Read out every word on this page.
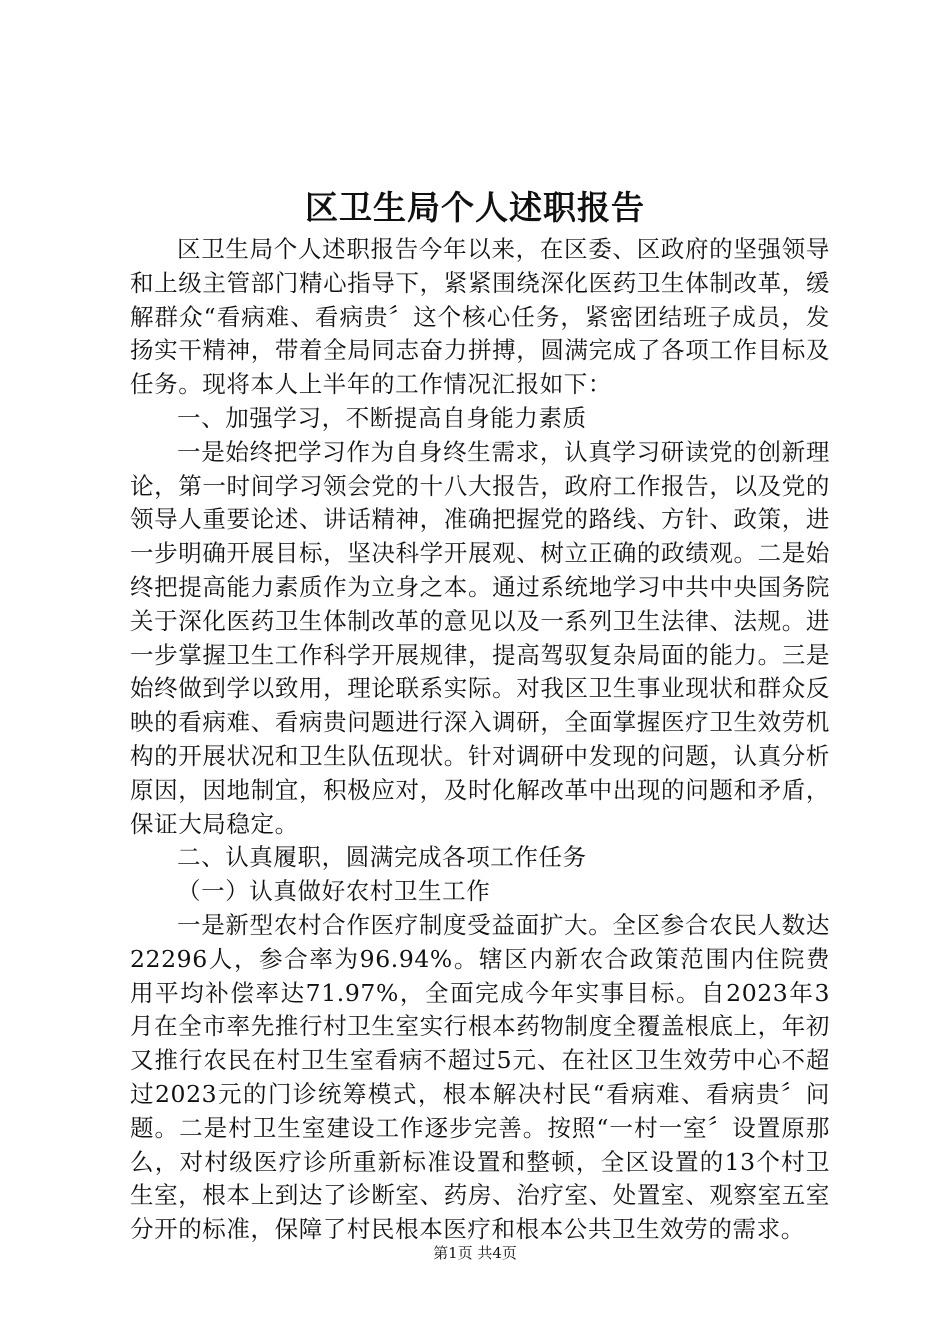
区卫生局个人述职报告

区卫生局个人述职报告今年以来，在区委、区政府的坚强领导和上级主管部门精心指导下，紧紧围绕深化医药卫生体制改革，缓解群众“看病难、看病贵〞这个核心任务，紧密团结班子成员，发扬实干精神，带着全局同志奋力拼搏，圆满完成了各项工作目标及任务。现将本人上半年的工作情况汇报如下：

一、加强学习，不断提高自身能力素质

一是始终把学习作为自身终生需求，认真学习研读党的创新理论，第一时间学习领会党的十八大报告，政府工作报告，以及党的领导人重要论述、讲话精神，准确把握党的路线、方针、政策，进一步明确开展目标，坚决科学开展观、树立正确的政绩观。二是始终把提高能力素质作为立身之本。通过系统地学习中共中央国务院关于深化医药卫生体制改革的意见以及一系列卫生法律、法规。进一步掌握卫生工作科学开展规律，提高驾驭复杂局面的能力。三是始终做到学以致用，理论联系实际。对我区卫生事业现状和群众反映的看病难、看病贵问题进行深入调研，全面掌握医疗卫生效劳机构的开展状况和卫生队伍现状。针对调研中发现的问题，认真分析原因，因地制宜，积极应对，及时化解改革中出现的问题和矛盾，保证大局稳定。

二、认真履职，圆满完成各项工作任务

（一）认真做好农村卫生工作

一是新型农村合作医疗制度受益面扩大。全区参合农民人数达22296人，参合率为96.94%。辖区内新农合政策范围内住院费用平均补偿率达71.97%，全面完成今年实事目标。自2023年3月在全市率先推行村卫生室实行根本药物制度全覆盖根底上，年初又推行农民在村卫生室看病不超过5元、在社区卫生效劳中心不超过2023元的门诊统筹模式，根本解决村民“看病难、看病贵〞问题。二是村卫生室建设工作逐步完善。按照“一村一室〞设置原那么，对村级医疗诊所重新标准设置和整顿，全区设置的13个村卫生室，根本上到达了诊断室、药房、治疗室、处置室、观察室五室分开的标准，保障了村民根本医疗和根本公共卫生效劳的需求。

第1页 共4页
